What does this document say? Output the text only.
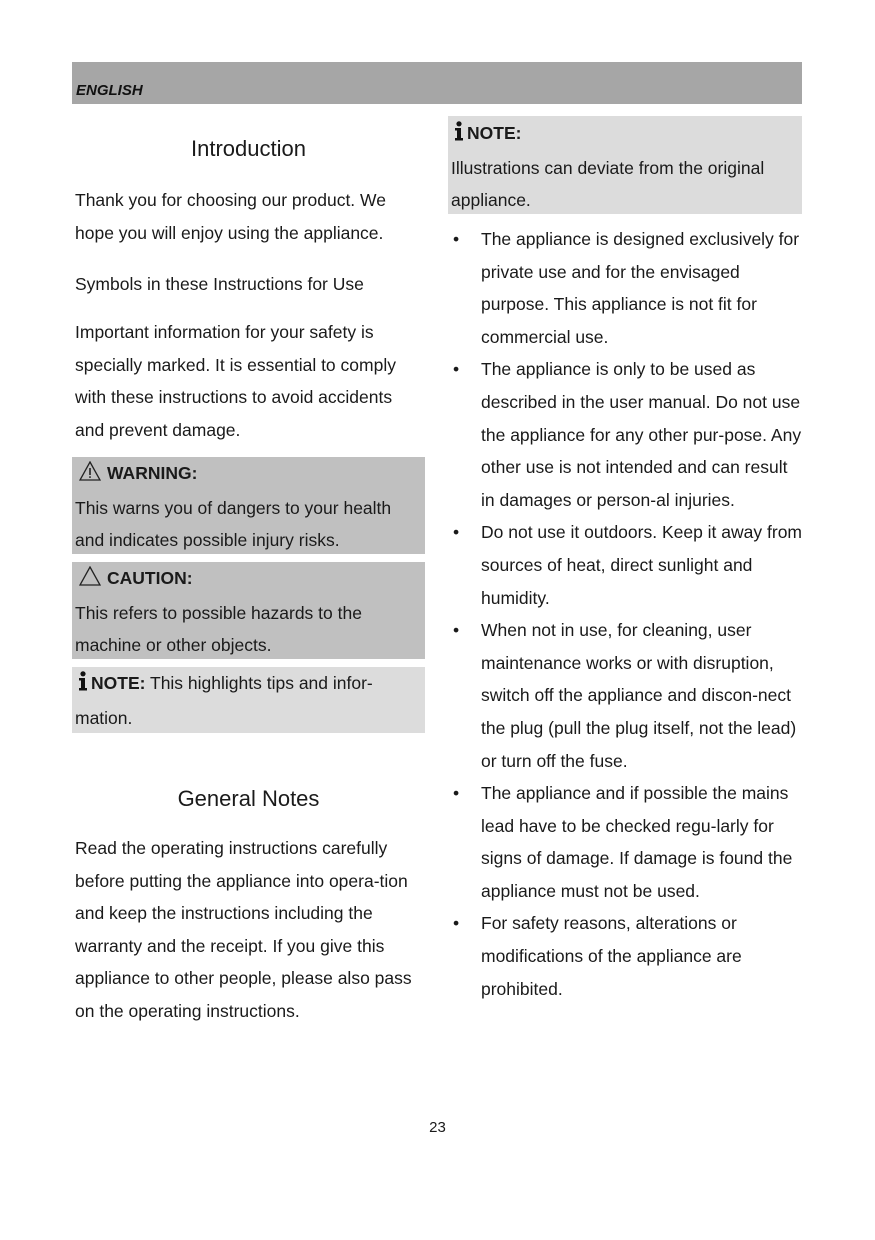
ENGLISH
Introduction

Thank you for choosing our product. We hope you will enjoy using the appliance.

Symbols in these Instructions for Use

Important information for your safety is specially marked. It is essential to comply with these instructions to avoid accidents and prevent damage.

WARNING:

This warns you of dangers to your health and indicates possible injury risks.

CAUTION:

This refers to possible hazards to the machine or other objects.

NOTE: This highlights tips and infor-mation.

General Notes

Read the operating instructions carefully before putting the appliance into opera-tion and keep the instructions including the warranty and the receipt. If you give this appliance to other people, please also pass on the operating instructions.

NOTE:

Illustrations can deviate from the original appliance.

• The appliance is designed exclusively for private use and for the envisaged purpose. This appliance is not fit for commercial use.
• The appliance is only to be used as described in the user manual. Do not use the appliance for any other pur-pose. Any other use is not intended and can result in damages or person-al injuries.
• Do not use it outdoors. Keep it away from sources of heat, direct sunlight and humidity.
• When not in use, for cleaning, user maintenance works or with disruption, switch off the appliance and discon-nect the plug (pull the plug itself, not the lead) or turn off the fuse.
• The appliance and if possible the mains lead have to be checked regu-larly for signs of damage. If damage is found the appliance must not be used.
• For safety reasons, alterations or modifications of the appliance are prohibited.
23
